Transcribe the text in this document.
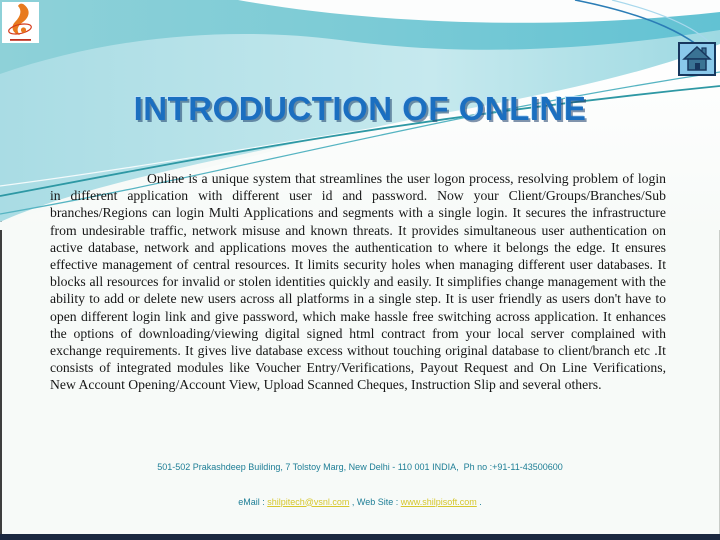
INTRODUCTION OF ONLINE

Online is a unique system that streamlines the user logon process, resolving problem of login in different application with different user id and password. Now your Client/Groups/Branches/Sub branches/Regions can login Multi Applications and segments with a single login. It secures the infrastructure from undesirable traffic, network misuse and known threats. It provides simultaneous user authentication on active database, network and applications moves the authentication to where it belongs the edge. It ensures effective management of central resources. It limits security holes when managing different user databases. It blocks all resources for invalid or stolen identities quickly and easily. It simplifies change management with the ability to add or delete new users across all platforms in a single step. It is user friendly as users don't have to open different login link and give password, which make hassle free switching across application. It enhances the options of downloading/viewing digital signed html contract from your local server complained with exchange requirements. It gives live database excess without touching original database to client/branch etc .It consists of integrated modules like Voucher Entry/Verifications, Payout Request and On Line Verifications, New Account Opening/Account View, Upload Scanned Cheques, Instruction Slip and several others.

501-502 Prakashdeep Building, 7 Tolstoy Marg, New Delhi - 110 001 INDIA,  Ph no :+91-11-43500600

eMail : shilpitech@vsnl.com , Web Site : www.shilpisoft.com .
